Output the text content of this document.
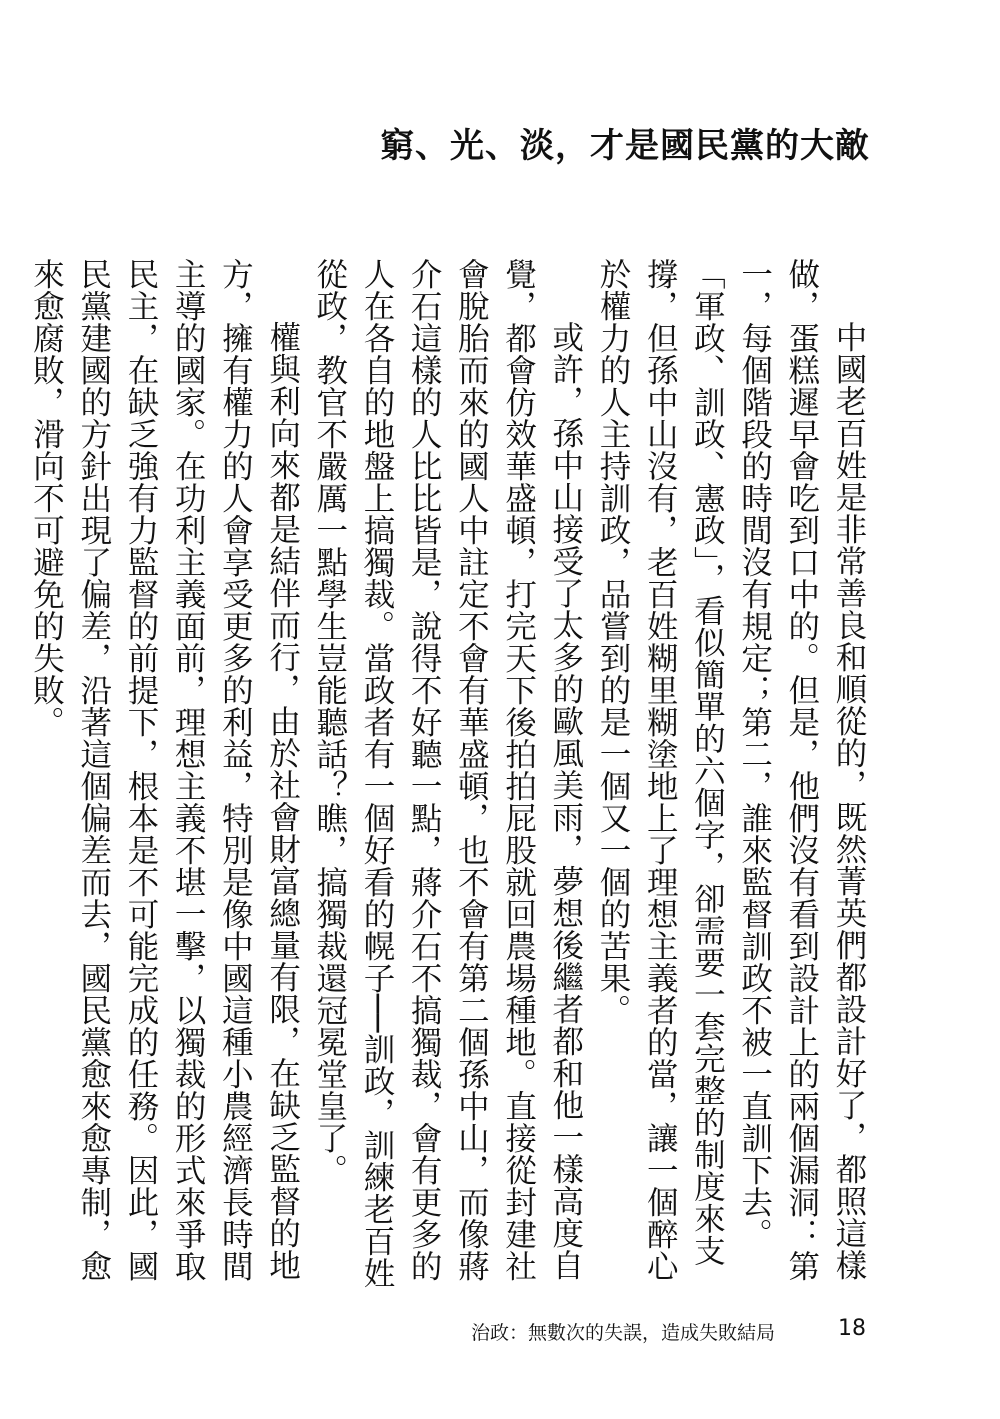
窮、光、淡，才是國民黨的大敵

中國老百姓是非常善良和順從的，既然菁英們都設計好了，都照這樣做，蛋糕遲早會吃到口中的。但是，他們沒有看到設計上的兩個漏洞：第一，每個階段的時間沒有規定；第二，誰來監督訓政不被一直訓下去。「軍政、訓政、憲政」，看似簡單的六個字，卻需要一套完整的制度來支撐，但孫中山沒有，老百姓糊里糊塗地上了理想主義者的當，讓一個醉心於權力的人主持訓政，品嘗到的是一個又一個的苦果。

或許，孫中山接受了太多的歐風美雨，夢想後繼者都和他一樣高度自覺，都會仿效華盛頓，打完天下後拍拍屁股就回農場種地。直接從封建社會脫胎而來的國人中註定不會有華盛頓，也不會有第二個孫中山，而像蔣介石這樣的人比比皆是，說得不好聽一點，蔣介石不搞獨裁，會有更多的人在各自的地盤上搞獨裁。當政者有一個好看的幌子──訓政，訓練老百姓從政，教官不嚴厲一點學生豈能聽話？瞧，搞獨裁還冠冕堂皇了。

權與利向來都是結伴而行，由於社會財富總量有限，在缺乏監督的地方，擁有權力的人會享受更多的利益，特別是像中國這種小農經濟長時間主導的國家。在功利主義面前，理想主義不堪一擊，以獨裁的形式來爭取民主，在缺乏強有力監督的前提下，根本是不可能完成的任務。因此，國民黨建國的方針出現了偏差，沿著這個偏差而去，國民黨愈來愈專制，愈來愈腐敗，滑向不可避免的失敗。

治政：無數次的失誤，造成失敗結局	18
